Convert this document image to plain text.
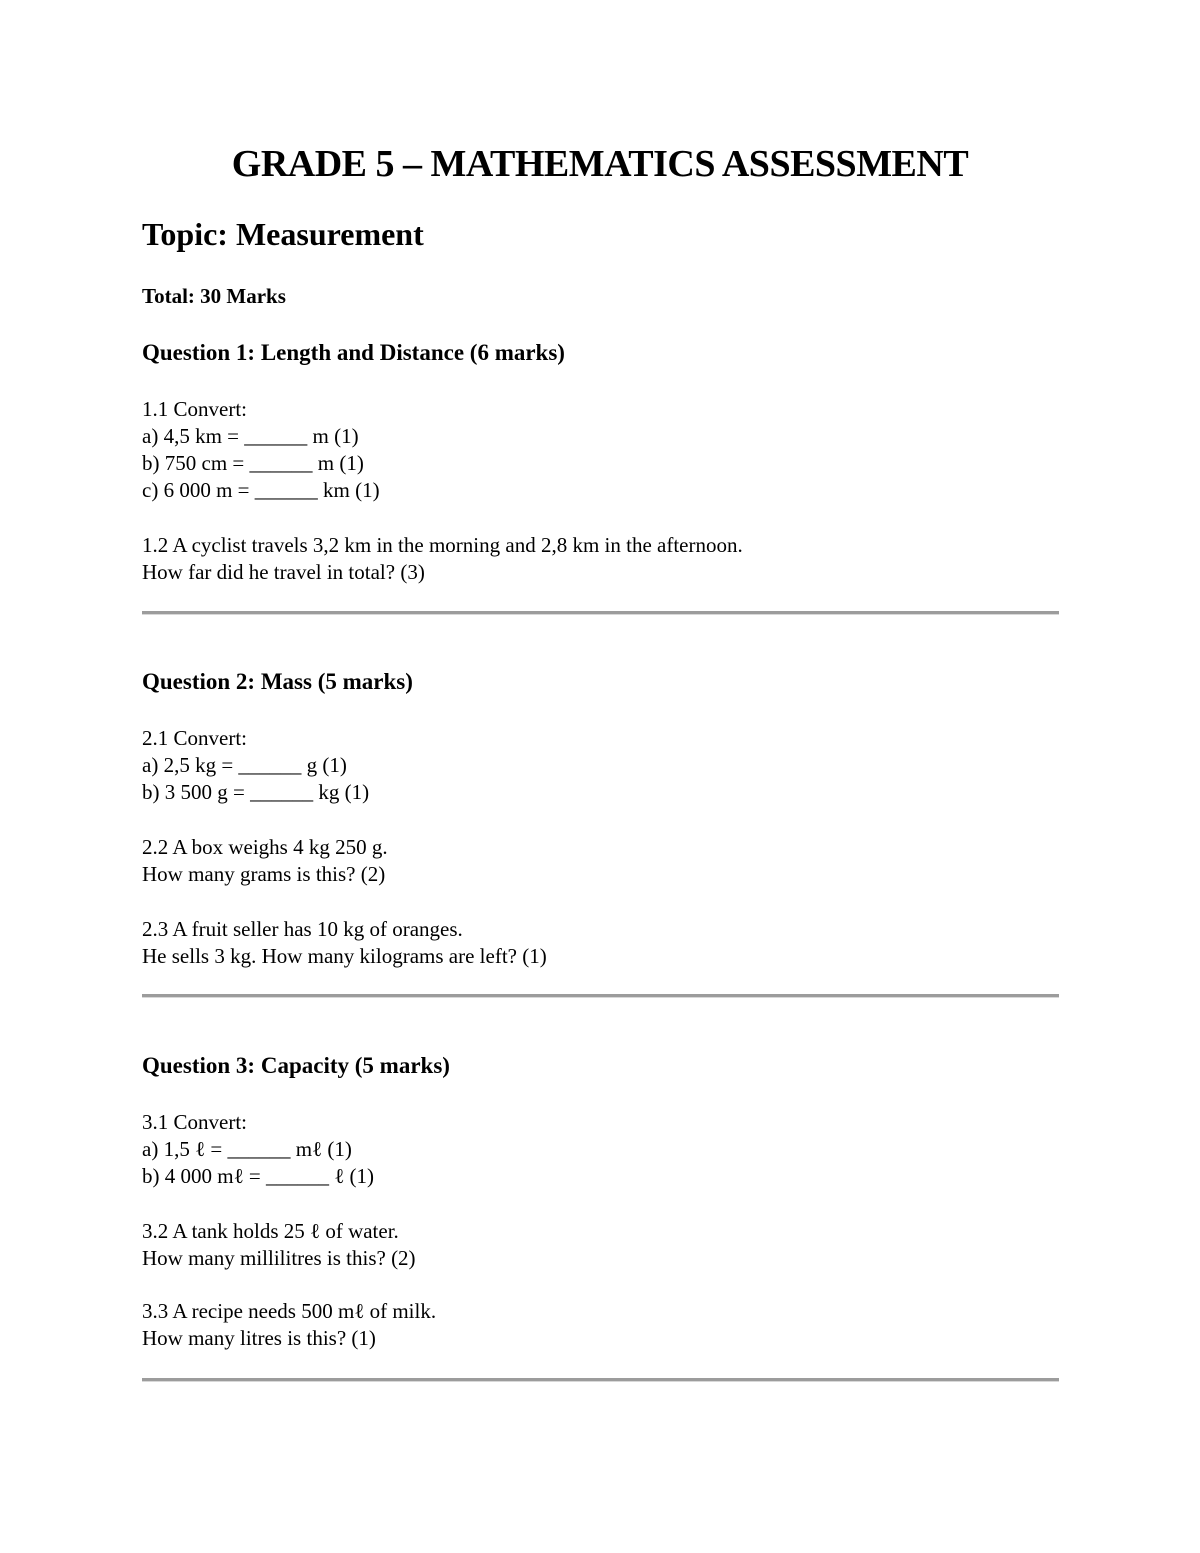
GRADE 5 – MATHEMATICS ASSESSMENT
Topic: Measurement
Total: 30 Marks
Question 1: Length and Distance (6 marks)
1.1 Convert:
a) 4,5 km = ______ m (1)
b) 750 cm = ______ m (1)
c) 6 000 m = ______ km (1)
1.2 A cyclist travels 3,2 km in the morning and 2,8 km in the afternoon.
How far did he travel in total? (3)
Question 2: Mass (5 marks)
2.1 Convert:
a) 2,5 kg = ______ g (1)
b) 3 500 g = ______ kg (1)
2.2 A box weighs 4 kg 250 g.
How many grams is this? (2)
2.3 A fruit seller has 10 kg of oranges.
He sells 3 kg. How many kilograms are left? (1)
Question 3: Capacity (5 marks)
3.1 Convert:
a) 1,5 ℓ = ______ mℓ (1)
b) 4 000 mℓ = ______ ℓ (1)
3.2 A tank holds 25 ℓ of water.
How many millilitres is this? (2)
3.3 A recipe needs 500 mℓ of milk.
How many litres is this? (1)
